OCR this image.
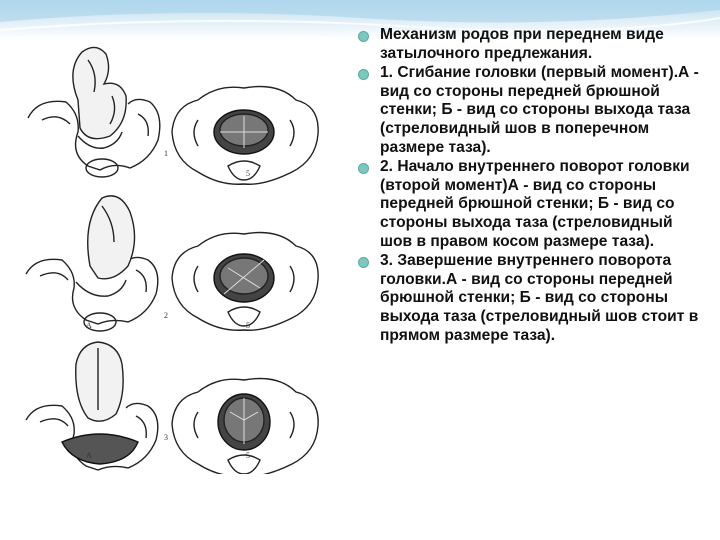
1
5
2
А	5
3
А	5
Механизм родов при переднем виде затылочного предлежания.
1. Сгибание головки (первый момент).А - вид со стороны передней брюшной стенки; Б - вид со стороны выхода таза (стреловидный шов в поперечном размере таза).
2. Начало внутреннего поворот головки (второй момент)А - вид со стороны передней брюшной стенки; Б - вид со стороны выхода таза (стреловидный шов в правом косом размере таза).
3. Завершение внутреннего поворота головки.А - вид со стороны передней брюшной стенки; Б - вид со стороны выхода таза (стреловидный шов стоит в прямом размере таза).
